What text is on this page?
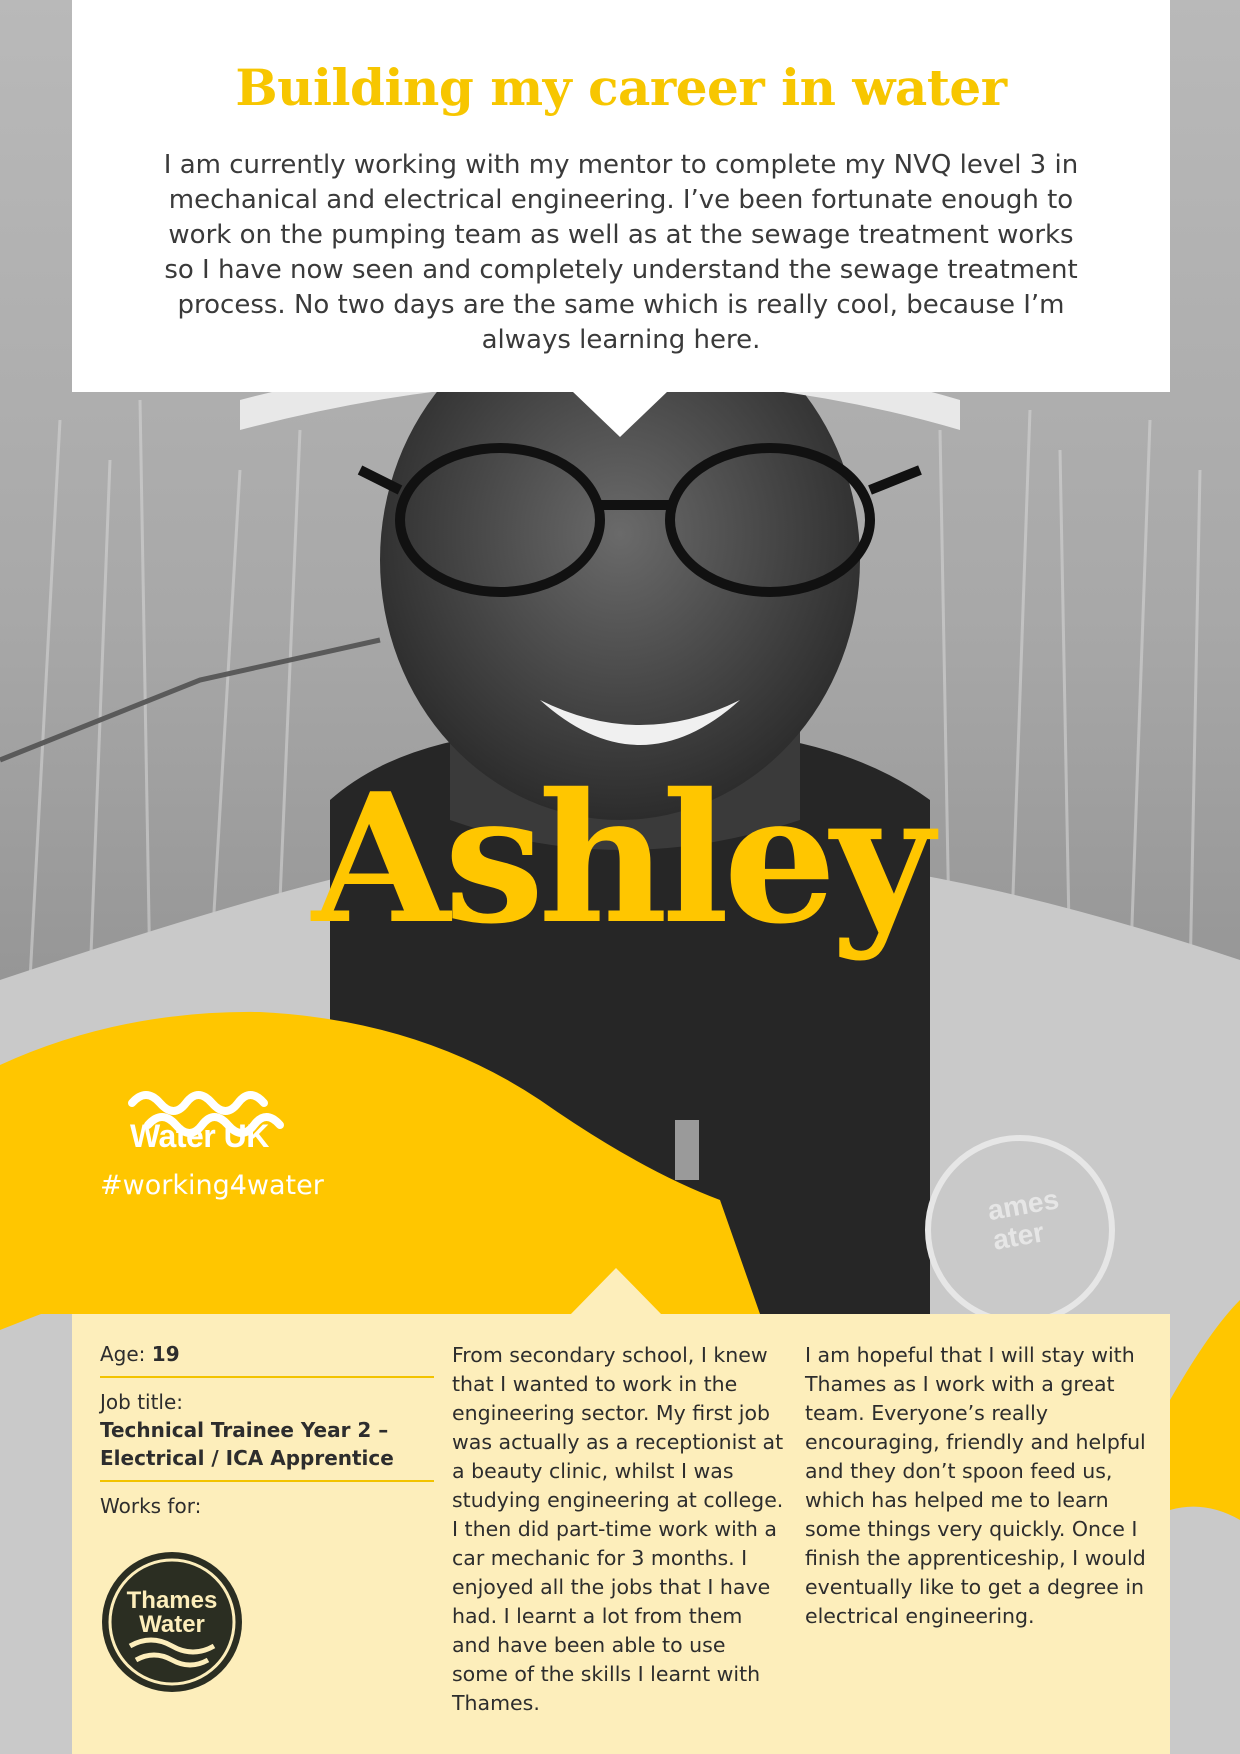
ames
ater
Building my career in water

I am currently working with my mentor to complete my NVQ level 3 in mechanical and electrical engineering. I’ve been fortunate enough to work on the pumping team as well as at the sewage treatment works so I have now seen and completely understand the sewage treatment process. No two days are the same which is really cool, because I’m always learning here.

Water UK
#working4water
Ashley
Age: 19
Job title:
Technical Trainee Year 2 – Electrical / ICA Apprentice
Works for:
Thames
Water

From secondary school, I knew that I wanted to work in the engineering sector. My first job was actually as a receptionist at a beauty clinic, whilst I was studying engineering at college. I then did part-time work with a car mechanic for 3 months. I enjoyed all the jobs that I have had. I learnt a lot from them and have been able to use some of the skills I learnt with Thames.

I am hopeful that I will stay with Thames as I work with a great team. Everyone’s really encouraging, friendly and helpful and they don’t spoon feed us, which has helped me to learn some things very quickly. Once I finish the apprenticeship, I would eventually like to get a degree in electrical engineering.
